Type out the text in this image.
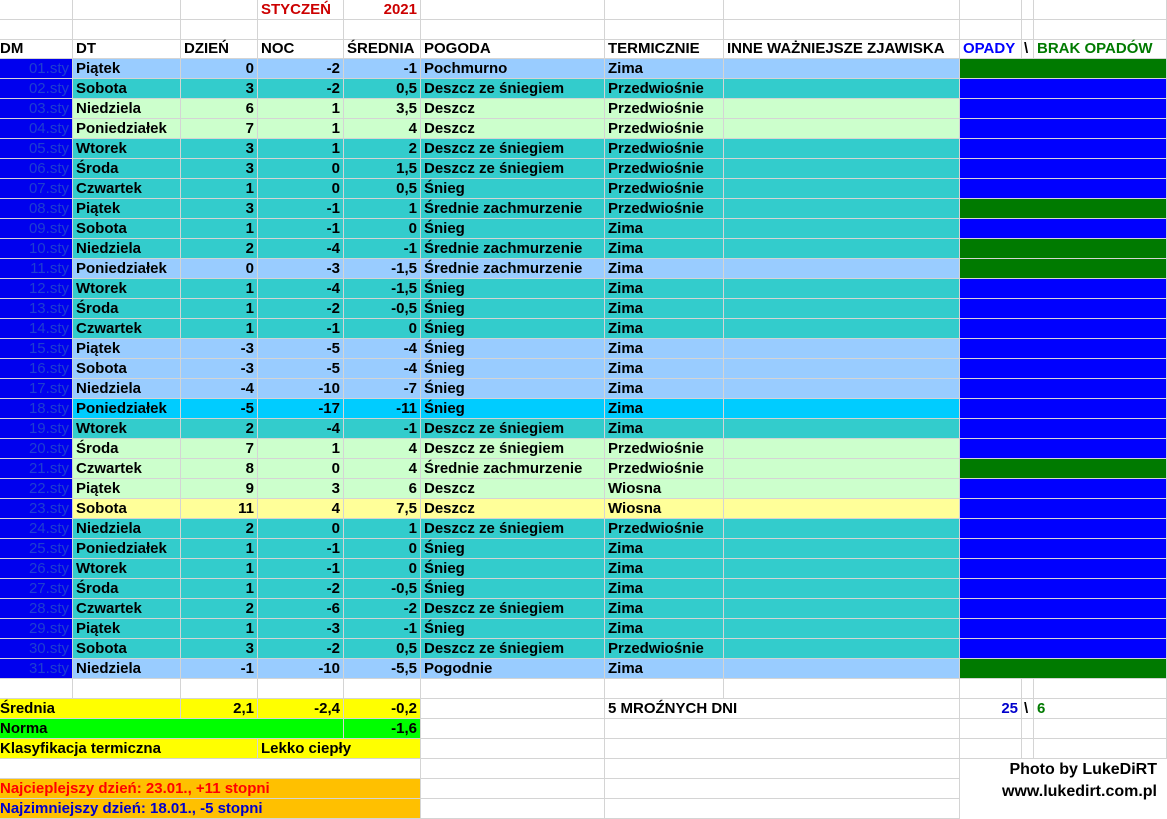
STYCZEŃ	2021
DM	DT	DZIEŃ	NOC	ŚREDNIA POGODA	TERMICZNIE	INNE WAŻNIEJSZE ZJAWISKA	OPADY \ BRAK OPADÓW
01.sty Piątek	0	-2	-1 Pochmurno	Zima
02.sty Sobota	3	-2	0,5 Deszcz ze śniegiem	Przedwiośnie
03.sty Niedziela	6	1	3,5 Deszcz	Przedwiośnie
04.sty Poniedziałek	7	1	4 Deszcz	Przedwiośnie
05.sty Wtorek	3	1	2 Deszcz ze śniegiem	Przedwiośnie
06.sty Środa	3	0	1,5 Deszcz ze śniegiem	Przedwiośnie
07.sty Czwartek	1	0	0,5 Śnieg	Przedwiośnie
08.sty Piątek	3	-1	1 Średnie zachmurzenie	Przedwiośnie
09.sty Sobota	1	-1	0 Śnieg	Zima
10.sty Niedziela	2	-4	-1 Średnie zachmurzenie	Zima
11.sty Poniedziałek	0	-3	-1,5 Średnie zachmurzenie	Zima
12.sty Wtorek	1	-4	-1,5 Śnieg	Zima
13.sty Środa	1	-2	-0,5 Śnieg	Zima
14.sty Czwartek	1	-1	0 Śnieg	Zima
15.sty Piątek	-3	-5	-4 Śnieg	Zima
16.sty Sobota	-3	-5	-4 Śnieg	Zima
17.sty Niedziela	-4	-10	-7 Śnieg	Zima
18.sty Poniedziałek	-5	-17	-11 Śnieg	Zima
19.sty Wtorek	2	-4	-1 Deszcz ze śniegiem	Zima
20.sty Środa	7	1	4 Deszcz ze śniegiem	Przedwiośnie
21.sty Czwartek	8	0	4 Średnie zachmurzenie	Przedwiośnie
22.sty Piątek	9	3	6 Deszcz	Wiosna
23.sty Sobota	11	4	7,5 Deszcz	Wiosna
24.sty Niedziela	2	0	1 Deszcz ze śniegiem	Przedwiośnie
25.sty Poniedziałek	1	-1	0 Śnieg	Zima
26.sty Wtorek	1	-1	0 Śnieg	Zima
27.sty Środa	1	-2	-0,5 Śnieg	Zima
28.sty Czwartek	2	-6	-2 Deszcz ze śniegiem	Zima
29.sty Piątek	1	-3	-1 Śnieg	Zima
30.sty Sobota	3	-2	0,5 Deszcz ze śniegiem	Przedwiośnie
31.sty Niedziela	-1	-10	-5,5 Pogodnie	Zima
Średnia	2,1	-2,4	-0,2	5 MROŹNYCH DNI	25 \ 6
Norma	-1,6
Klasyfikacja termiczna	Lekko ciepły
Najcieplejszy dzień: 23.01., +11 stopni
Najzimniejszy dzień: 18.01., -5 stopni
Photo by LukeDiRT
www.lukedirt.com.pl
